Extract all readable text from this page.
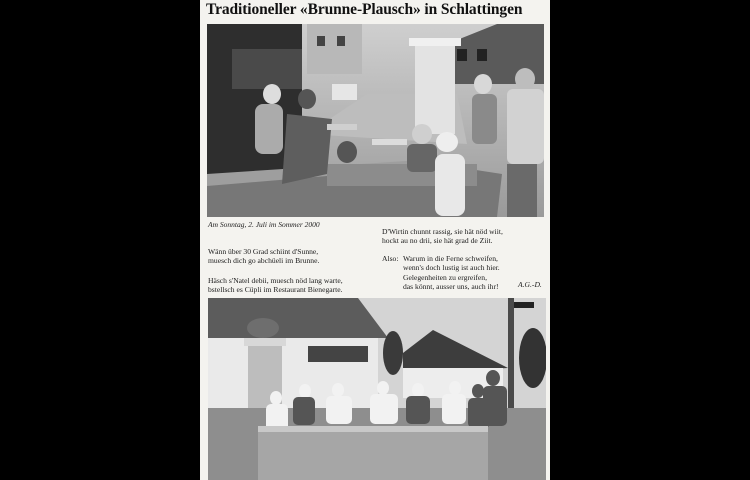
Traditioneller «Brunne-Plausch» in Schlattingen
Am Sonntag, 2. Juli im Sommer 2000

D'Wirtin chunnt rassig, sie hät nöd wiit,

hockt au no drii, sie hät grad de Ziit.

Wänn über 30 Grad schiint d'Sunne,

muesch dich go abchüeli im Brunne.

Häsch s'Natel debii, muesch nöd lang warte,

bstellsch es Cüpli im Restaurant Bienegarte.

Also: Warum in die Ferne schweifen,

wenn's doch lustig ist auch hier.

Gelegenheiten zu ergreifen,

das könnt, ausser uns, auch ihr!	A.G.-D.
